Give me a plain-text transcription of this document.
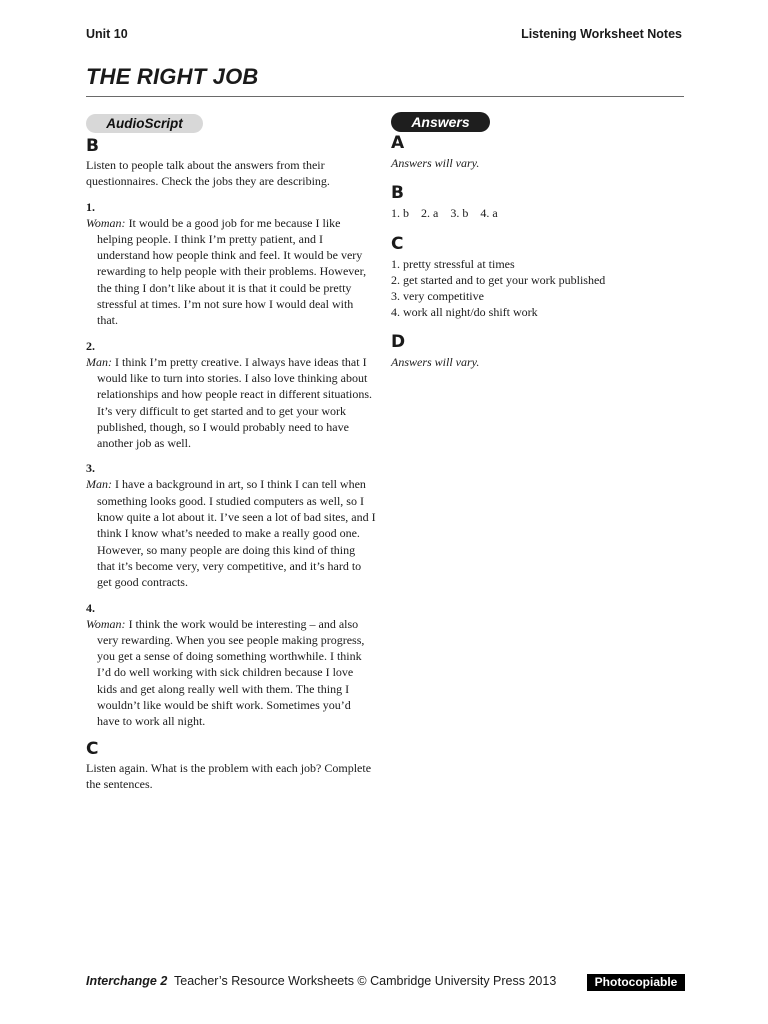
Unit 10	Listening Worksheet Notes
THE RIGHT JOB
AudioScript	Answers
B

Listen to people talk about the answers from their questionnaires. Check the jobs they are describing.

1.

Woman: It would be a good job for me because I like helping people. I think I’m pretty patient, and I understand how people think and feel. It would be very rewarding to help people with their problems. However, the thing I don’t like about it is that it could be pretty stressful at times. I’m not sure how I would deal with that.

2.

Man: I think I’m pretty creative. I always have ideas that I would like to turn into stories. I also love thinking about relationships and how people react in different situations. It’s very difficult to get started and to get your work published, though, so I would probably need to have another job as well.

3.

Man: I have a background in art, so I think I can tell when something looks good. I studied computers as well, so I know quite a lot about it. I’ve seen a lot of bad sites, and I think I know what’s needed to make a really good one. However, so many people are doing this kind of thing that it’s become very, very competitive, and it’s hard to get good contracts.

4.

Woman: I think the work would be interesting – and also very rewarding. When you see people making progress, you get a sense of doing something worthwhile. I think I’d do well working with sick children because I love kids and get along really well with them. The thing I wouldn’t like would be shift work. Sometimes you’d have to work all night.

C

Listen again. What is the problem with each job? Complete the sentences.

A

Answers will vary.

B

1. b    2. a    3. b    4. a

C
1. pretty stressful at times
2. get started and to get your work published
3. very competitive
4. work all night/do shift work
D

Answers will vary.

Interchange 2  Teacher’s Resource Worksheets © Cambridge University Press 2013	Photocopiable
